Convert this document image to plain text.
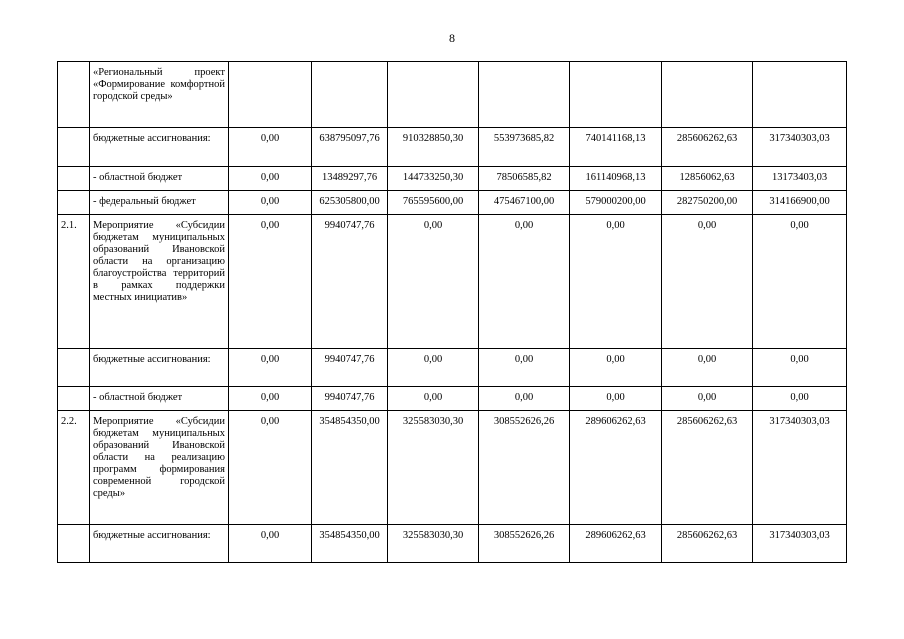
8

	«Региональный проект «Формирование комфортной городской среды»							

	бюджетные ассигнования:	0,00	638795097,76	910328850,30	553973685,82	740141168,13	285606262,63	317340303,03

	- областной бюджет	0,00	13489297,76	144733250,30	78506585,82	161140968,13	12856062,63	13173403,03

	- федеральный бюджет	0,00	625305800,00	765595600,00	475467100,00	579000200,00	282750200,00	314166900,00
2.1.	Мероприятие «Субсидии бюджетам муниципальных образований Ивановской области на организацию благоустройства территорий в рамках поддержки местных инициатив»	0,00	9940747,76	0,00	0,00	0,00	0,00	0,00

	бюджетные ассигнования:	0,00	9940747,76	0,00	0,00	0,00	0,00	0,00

	- областной бюджет	0,00	9940747,76	0,00	0,00	0,00	0,00	0,00
2.2.	Мероприятие «Субсидии бюджетам муниципальных образований Ивановской области на реализацию программ формирования современной городской среды»	0,00	354854350,00	325583030,30	308552626,26	289606262,63	285606262,63	317340303,03

	бюджетные ассигнования:	0,00	354854350,00	325583030,30	308552626,26	289606262,63	285606262,63	317340303,03
